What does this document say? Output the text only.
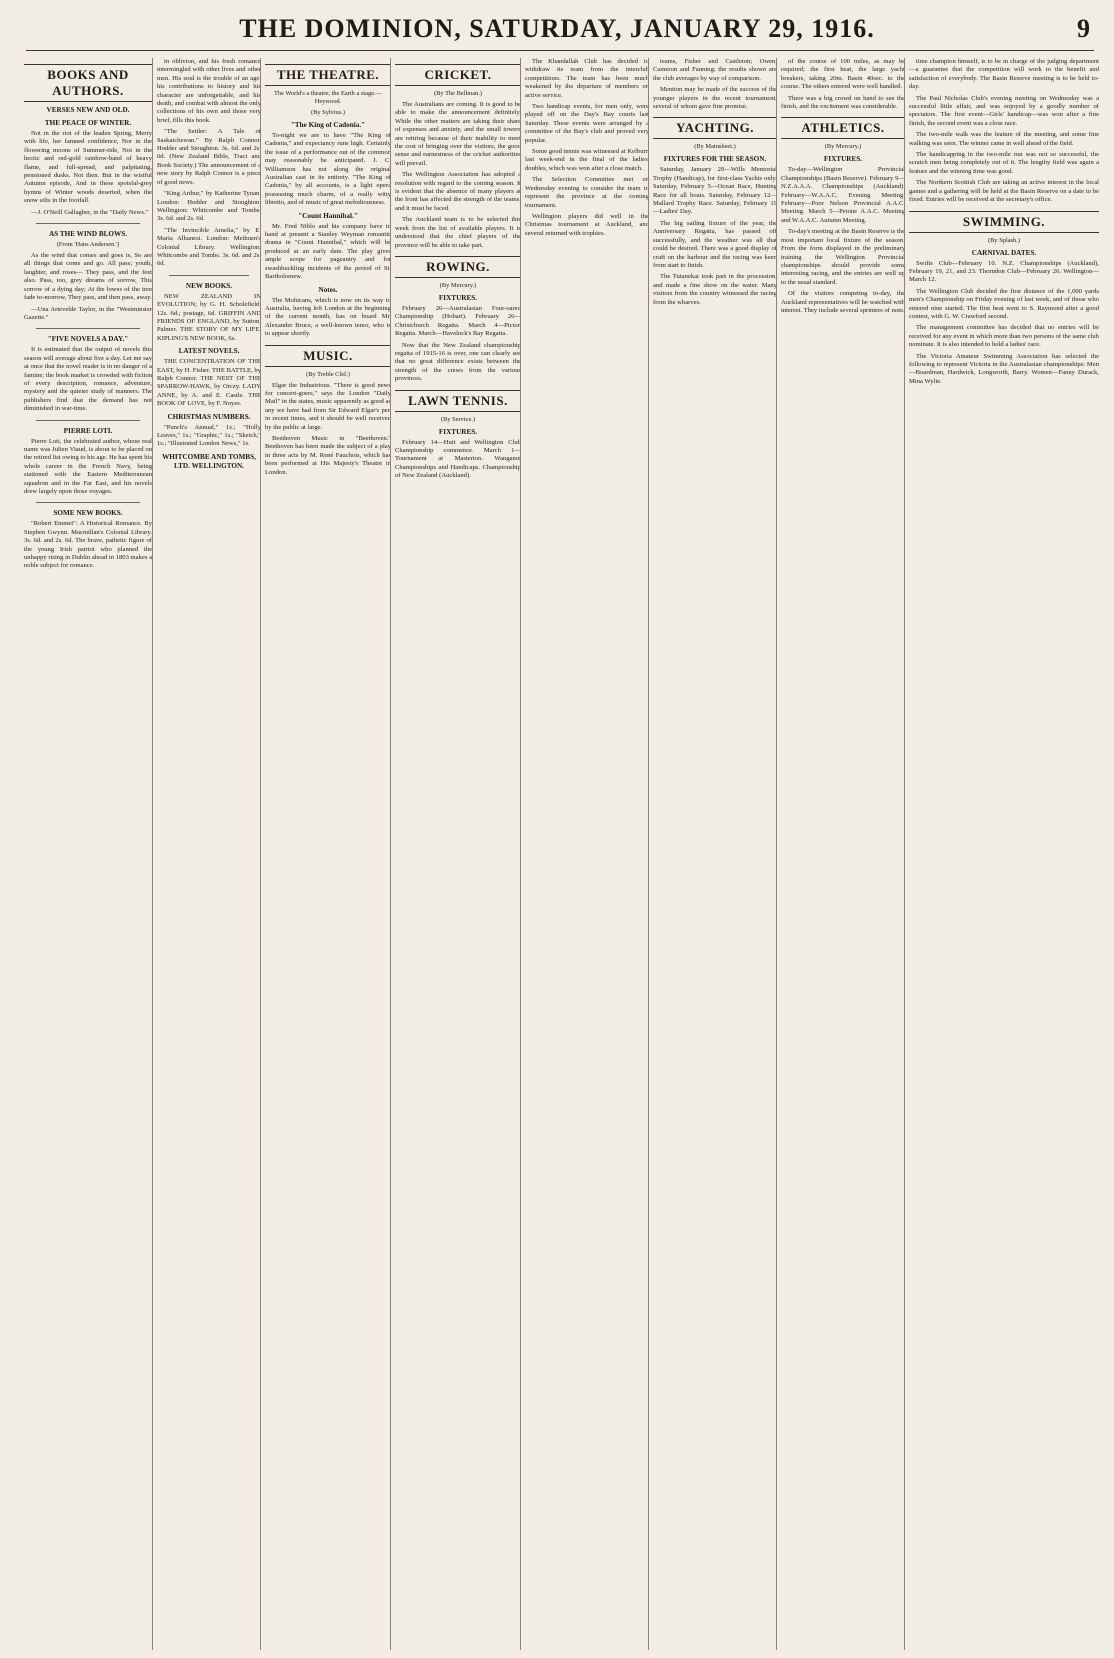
THE DOMINION, SATURDAY, JANUARY 29, 1916.	9
BOOKS AND AUTHORS.
VERSES NEW AND OLD.
THE PEACE OF WINTER.

Not in the riot of the leaden Spring, Merry with life, her famned confidence, Nor in the flowering moons of Summer-tide, Not in the hectic and red-gold rainbow-band of heavy flame, and full-spread, and palpitating, pensioned dusks. Not then. But in the wistful Autumn episode, And in these spotsfal-grey hymns of Winter woods deserted, when the snow sifts in the footfall.

—J. O'Neill Gallagher, in the "Daily News."

AS THE WIND BLOWS.
(From 'Hans Andersen.')

As the wind that comes and goes is, So are all things that come and go. All pass; youth, laughter, and roses— They pass, and the feet also. Pass, too, grey dreams of sorrow, This sorrow of a dying day; At the lowes of the tree fade to-morrow, They pass, and then pass, away.

—Una Artevelde Taylor, in the "Westminster Gazette."

"FIVE NOVELS A DAY."

It is estimated that the output of novels this season will average about five a day. Let me say at once that the novel reader is in no danger of a famine; the book market is crowded with fiction of every description, romance, adventure, mystery and the quieter study of manners. The publishers find that the demand has not diminished in war-time.

PIERRE LOTI.

Pierre Loti, the celebrated author, whose real name was Julien Viaud, is about to be placed on the retired list owing to his age. He has spent his whole career in the French Navy, being stationed with the Eastern Mediterranean squadron and in the Far East, and his novels drew largely upon those voyages.

SOME NEW BOOKS.

"Robert Emmet": A Historical Romance. By Stephen Gwynn. Macmillan's Colonial Library. 3s. 6d. and 2s. 6d. The brave, pathetic figure of the young Irish patriot who planned the unhappy rising in Dublin ahead in 1803 makes a noble subject for romance.

in oblivion, and his fresh romance intermingled with other lives and other men. His soul is the trouble of an age, his contributions to history and his character are unforgettable, and his death, and combat with almost the only collections of his own and those very brief, fills this book.

"The Settler: A Tale of Saskatchewan." By Ralph Connor. Hodder and Stoughton. 3s. 6d. and 2s. 6d. (New Zealand Bible, Tract and Book Society.) The announcement of a new story by Ralph Connor is a piece of good news.

"King Arthur," by Katherine Tynan. London: Hodder and Stoughton. Wellington: Whitcombe and Tombs. 3s. 6d. and 2s. 6d.

"The Invincible Amelia," by E. Maria Albanesi. London: Methuen's Colonial Library. Wellington: Whitcombe and Tombs. 3s. 6d. and 2s. 6d.

NEW BOOKS.

NEW ZEALAND IN EVOLUTION; by G. H. Scholefield. 12s. 6d.; postage, 6d. GRIFFIN AND FRIENDS OF ENGLAND, by Sutton, Palmer. THE STORY OF MY LIFE. KIPLING'S NEW BOOK, 6s.

LATEST NOVELS.

THE CONCENTRATION OF THE EAST, by H. Fisher. THE BATTLE, by Ralph Connor. THE NEST OF THE SPARROW-HAWK, by Orczy. LADY ANNE, by A. and E. Castle. THE BOOK OF LOVE, by F. Noyes.

CHRISTMAS NUMBERS.

"Punch's Annual," 1s.; "Holly Leaves," 1s.; "Graphic," 1s.; "Sketch," 1s.; "Illustrated London News," 1s.

WHITCOMBE AND TOMBS, LTD. WELLINGTON.
THE THEATRE.
The World's a theatre; the Earth a stage.—Heywood.
(By Sylvius.)
"The King of Cadonia."

To-night we are to have "The King of Cadonia," and expectancy runs high. Certainly the issue of a performance out of the common may reasonably be anticipated. J. C. Williamson has not along the original Australian cast in its entirety. "The King of Cadonia," by all accounts, is a light opera possessing much charm, of a really witty libretto, and of music of great melodiousness.

"Count Hannibal."

Mr. Fred Niblo and his company have in hand at present a Stanley Weyman romantic drama in "Count Hannibal," which will be produced at an early date. The play gives ample scope for pageantry and for swashbuckling incidents of the period of St. Bartholomew.

Notes.

The Mohicans, which is now on its way to Australia, having left London at the beginning of the current month, has on board Mr. Alexander Bruce, a well-known tenor, who is to appear shortly.

MUSIC.
(By Treble Clef.)

Elgar the Industrious. "There is good news for concert-goers," says the London "Daily Mail" in the states, music apparently as good as any we have had from Sir Edward Elgar's pen in recent times, and it should be well received by the public at large.

Beethoven Music in "Beethoven." Beethoven has been made the subject of a play in three acts by M. René Fauchois, which has been performed at His Majesty's Theatre in London.

CRICKET.
(By The Bellman.)

The Australians are coming. It is good to be able to make the announcement definitely. While the other matters are taking their share of expenses and anxiety, and the small towers are retiring because of their inability to meet the cost of bringing over the visitors, the good sense and earnestness of the cricket authorities will prevail.

The Wellington Association has adopted a resolution with regard to the coming season. It is evident that the absence of many players at the front has affected the strength of the teams, and it must be faced.

The Auckland team is to be selected this week from the list of available players. It is understood that the chief players of the province will be able to take part.

ROWING.
(By Mercury.)
FIXTURES.

February 26—Australasian Four-oared Championship (Hobart). February 26—Christchurch Regatta. March 4—Picton Regatta. March—Havelock's Bay Regatta.

Now that the New Zealand championship regatta of 1915-16 is over, one can clearly see that no great difference exists between the strength of the crews from the various provinces.

LAWN TENNIS.
(By Service.)
FIXTURES.

February 14—Hutt and Wellington Club Championship commence. March 1—Tournament at Masterton. Wanganui Championships and Handicaps. Championship of New Zealand (Auckland).

The Khandallah Club has decided to withdraw its team from the interclub competitions. The team has been much weakened by the departure of members on active service.

Two handicap events, for men only, were played off on the Day's Bay courts last Saturday. These events were arranged by a committee of the Bay's club and proved very popular.

Some good tennis was witnessed at Kelburn last week-end in the final of the ladies' doubles, which was won after a close match.

The Selection Committee met on Wednesday evening to consider the team to represent the province at the coming tournament.

Wellington players did well in the Christmas tournament at Auckland, and several returned with trophies.

teams, Fisher and Castleton; Owen, Cameron and Fanning; the results shown are the club averages by way of comparison.

Mention may be made of the success of the younger players in the recent tournament, several of whom gave fine promise.

YACHTING.
(By Mainsheet.)
FIXTURES FOR THE SEASON.

Saturday, January 29—Wills Memorial Trophy (Handicap), for first-class Yachts only. Saturday, February 5—Ocean Race, Hunting Race for all boats. Saturday, February 12—Mallard Trophy Race. Saturday, February 19—Ladies' Day.

The big sailing fixture of the year, the Anniversary Regatta, has passed off successfully, and the weather was all that could be desired. There was a good display of craft on the harbour and the racing was keen from start to finish.

The Tutanekai took part in the procession, and made a fine show on the water. Many visitors from the country witnessed the racing from the wharves.

of the course of 100 miles, as may be required; the first heat, the large yacht breakers, taking 20m. Basin 40sec. to the course. The others entered were well handled.

There was a big crowd on hand to see the finish, and the excitement was considerable.

ATHLETICS.
(By Mercury.)
FIXTURES.

To-day—Wellington Provincial Championships (Basin Reserve). February 9—N.Z.A.A.A. Championships (Auckland). February—W.A.A.C. Evening Meeting. February—Poor Nelson Provincial A.A.C. Meeting. March 5—Petone A.A.C. Meeting and W.A.A.C. Autumn Meeting.

To-day's meeting at the Basin Reserve is the most important local fixture of the season. From the form displayed in the preliminary training the Wellington Provincial championships should provide some interesting racing, and the entries are well up to the usual standard.

Of the visitors competing to-day, the Auckland representatives will be watched with interest. They include several sprinters of note.

time champion himself, is to be in charge of the judging department—a guarantee that the competition will work to the benefit and satisfaction of everybody. The Basin Reserve meeting is to be held to-day.

The Paul Nicholas Club's evening meeting on Wednesday was a successful little affair, and was enjoyed by a goodly number of spectators. The first event—Girls' handicap—was won after a fine finish, the second event was a close race.

The two-mile walk was the feature of the meeting, and some fine walking was seen. The winner came in well ahead of the field.

The handicapping in the two-mile run was not so successful, the scratch men being completely out of it. The lengthy field was again a feature and the winning time was good.

The Northern Scottish Club are taking an active interest in the local games and a gathering will be held at the Basin Reserve on a date to be fixed. Entries will be received at the secretary's office.

SWIMMING.
(By Splash.)
CARNIVAL DATES.

Swifts Club—February 10. N.Z. Championships (Auckland), February 19, 21, and 23. Thorndon Club—February 26. Wellington—March 12.

The Wellington Club decided the first distance of the 1,000 yards men's Championship on Friday evening of last week, and of those who entered nine started. The first heat went to S. Raymond after a good contest, with G. W. Crawford second.

The management committee has decided that no entries will be received for any event in which more than two persons of the same club nominate. It is also intended to hold a ladies' race.

The Victoria Amateur Swimming Association has selected the following to represent Victoria in the Australasian championships: Men—Boardman, Hardwick, Longworth, Barry. Women—Fanny Durack, Mina Wylie.
